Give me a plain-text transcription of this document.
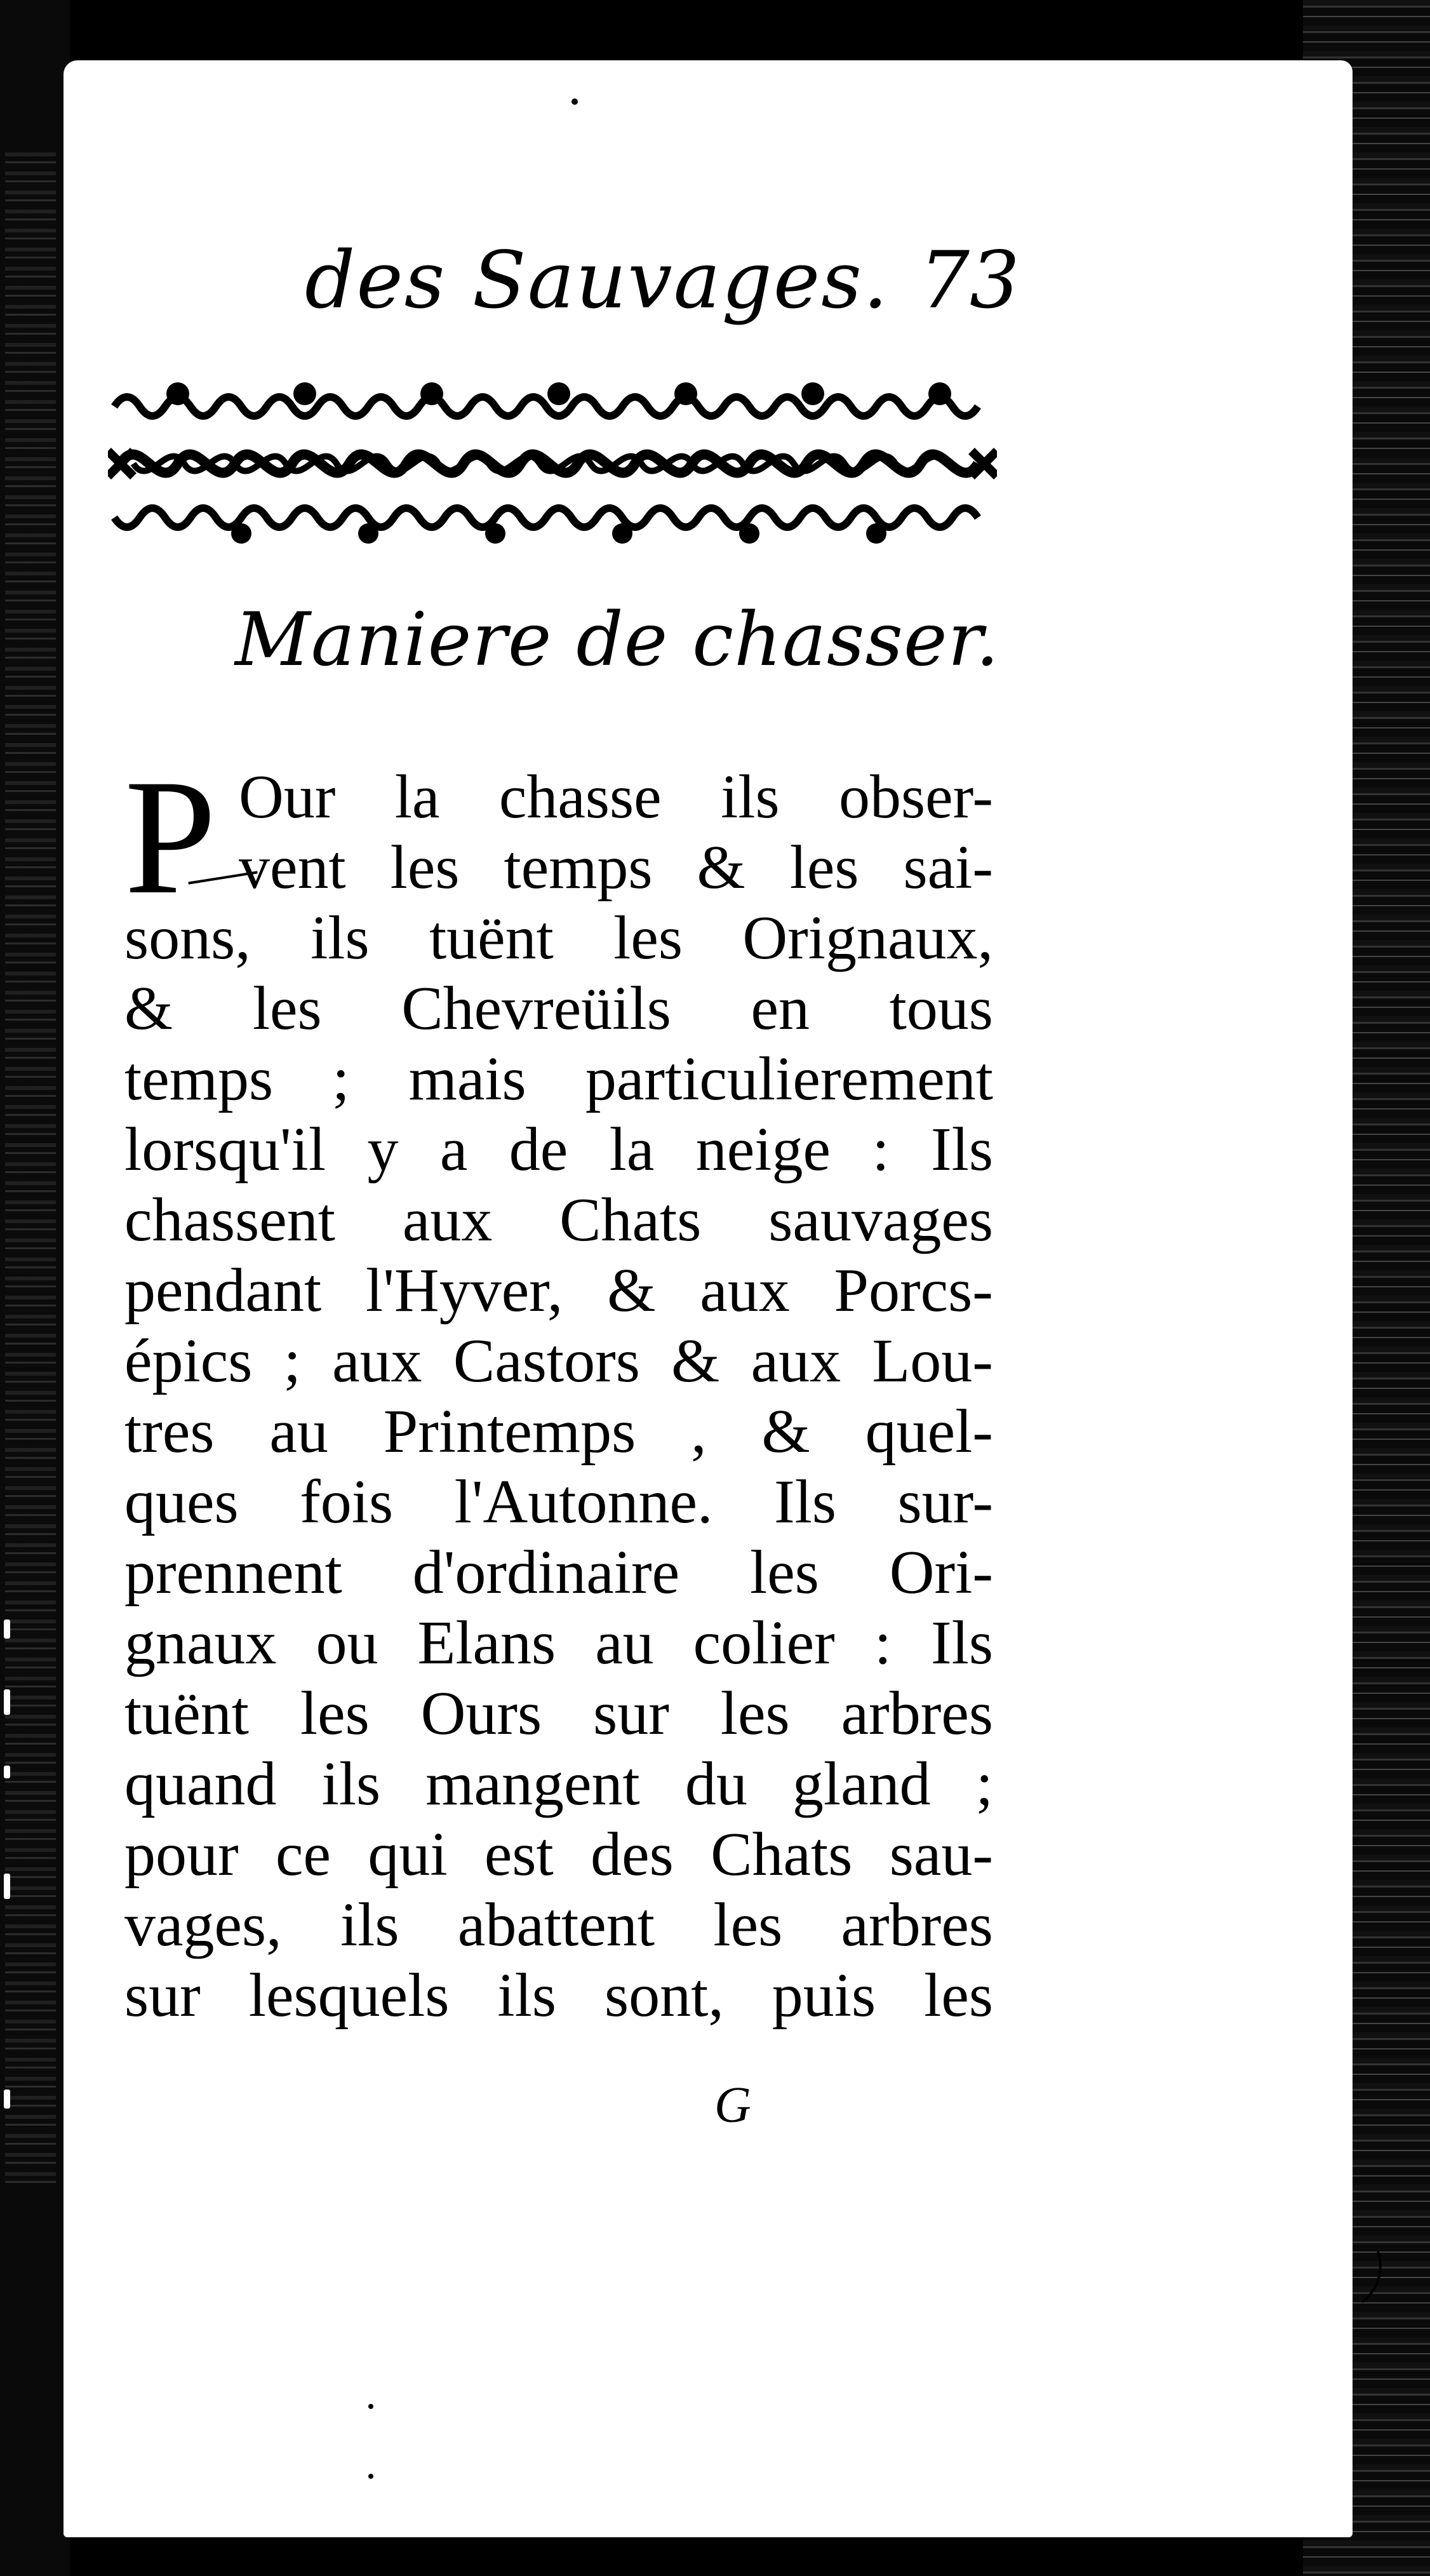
des Sauvages. 73
Maniere de chasser.
P Our la chasse ils obser-
vent les temps & les sai-
sons, ils tuënt les Orignaux,
& les Chevreüils en tous
temps ; mais particulierement
lorsqu'il y a de la neige : Ils
chassent aux Chats sauvages
pendant l'Hyver, & aux Porcs-
épics ; aux Castors & aux Lou-
tres au Printemps , & quel-
ques fois l'Autonne. Ils sur-
prennent d'ordinaire les Ori-
gnaux ou Elans au colier : Ils
tuënt les Ours sur les arbres
quand ils mangent du gland ;
pour ce qui est des Chats sau-
vages, ils abattent les arbres
sur lesquels ils sont, puis les
G
